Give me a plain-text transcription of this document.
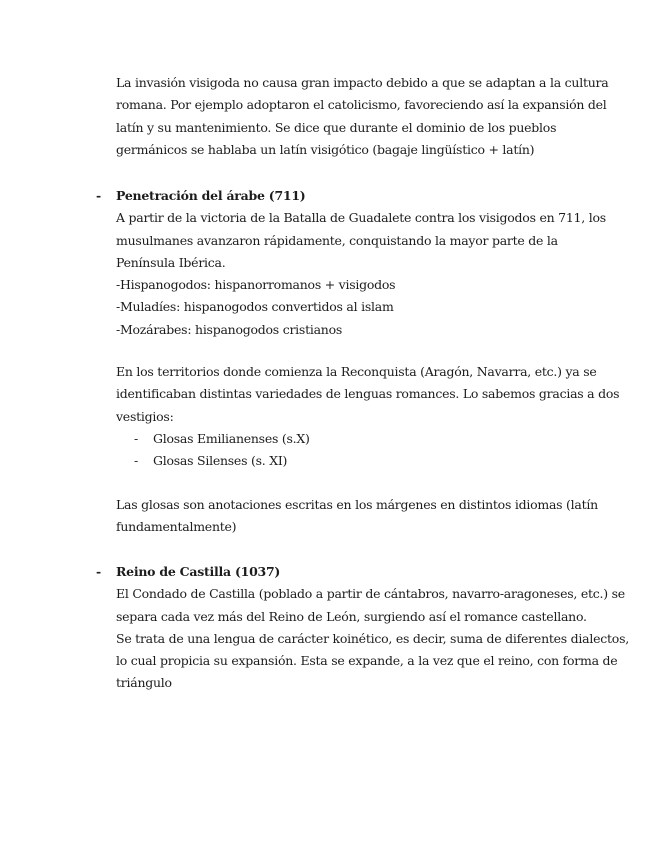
La invasión visigoda no causa gran impacto debido a que se adaptan a la cultura
romana. Por ejemplo adoptaron el catolicismo, favoreciendo así la expansión del
latín y su mantenimiento. Se dice que durante el dominio de los pueblos
germánicos se hablaba un latín visigótico (bagaje lingüístico + latín)
- Penetración del árabe (711)
A partir de la victoria de la Batalla de Guadalete contra los visigodos en 711, los
musulmanes avanzaron rápidamente, conquistando la mayor parte de la
Península Ibérica.
-Hispanogodos: hispanorromanos + visigodos
-Muladíes: hispanogodos convertidos al islam
-Mozárabes: hispanogodos cristianos
En los territorios donde comienza la Reconquista (Aragón, Navarra, etc.) ya se
identificaban distintas variedades de lenguas romances. Lo sabemos gracias a dos
vestigios:
- Glosas Emilianenses (s.X)
- Glosas Silenses (s. XI)
Las glosas son anotaciones escritas en los márgenes en distintos idiomas (latín
fundamentalmente)
- Reino de Castilla (1037)
El Condado de Castilla (poblado a partir de cántabros, navarro-aragoneses, etc.) se
separa cada vez más del Reino de León, surgiendo así el romance castellano.
Se trata de una lengua de carácter koinético, es decir, suma de diferentes dialectos,
lo cual propicia su expansión. Esta se expande, a la vez que el reino, con forma de
triángulo
